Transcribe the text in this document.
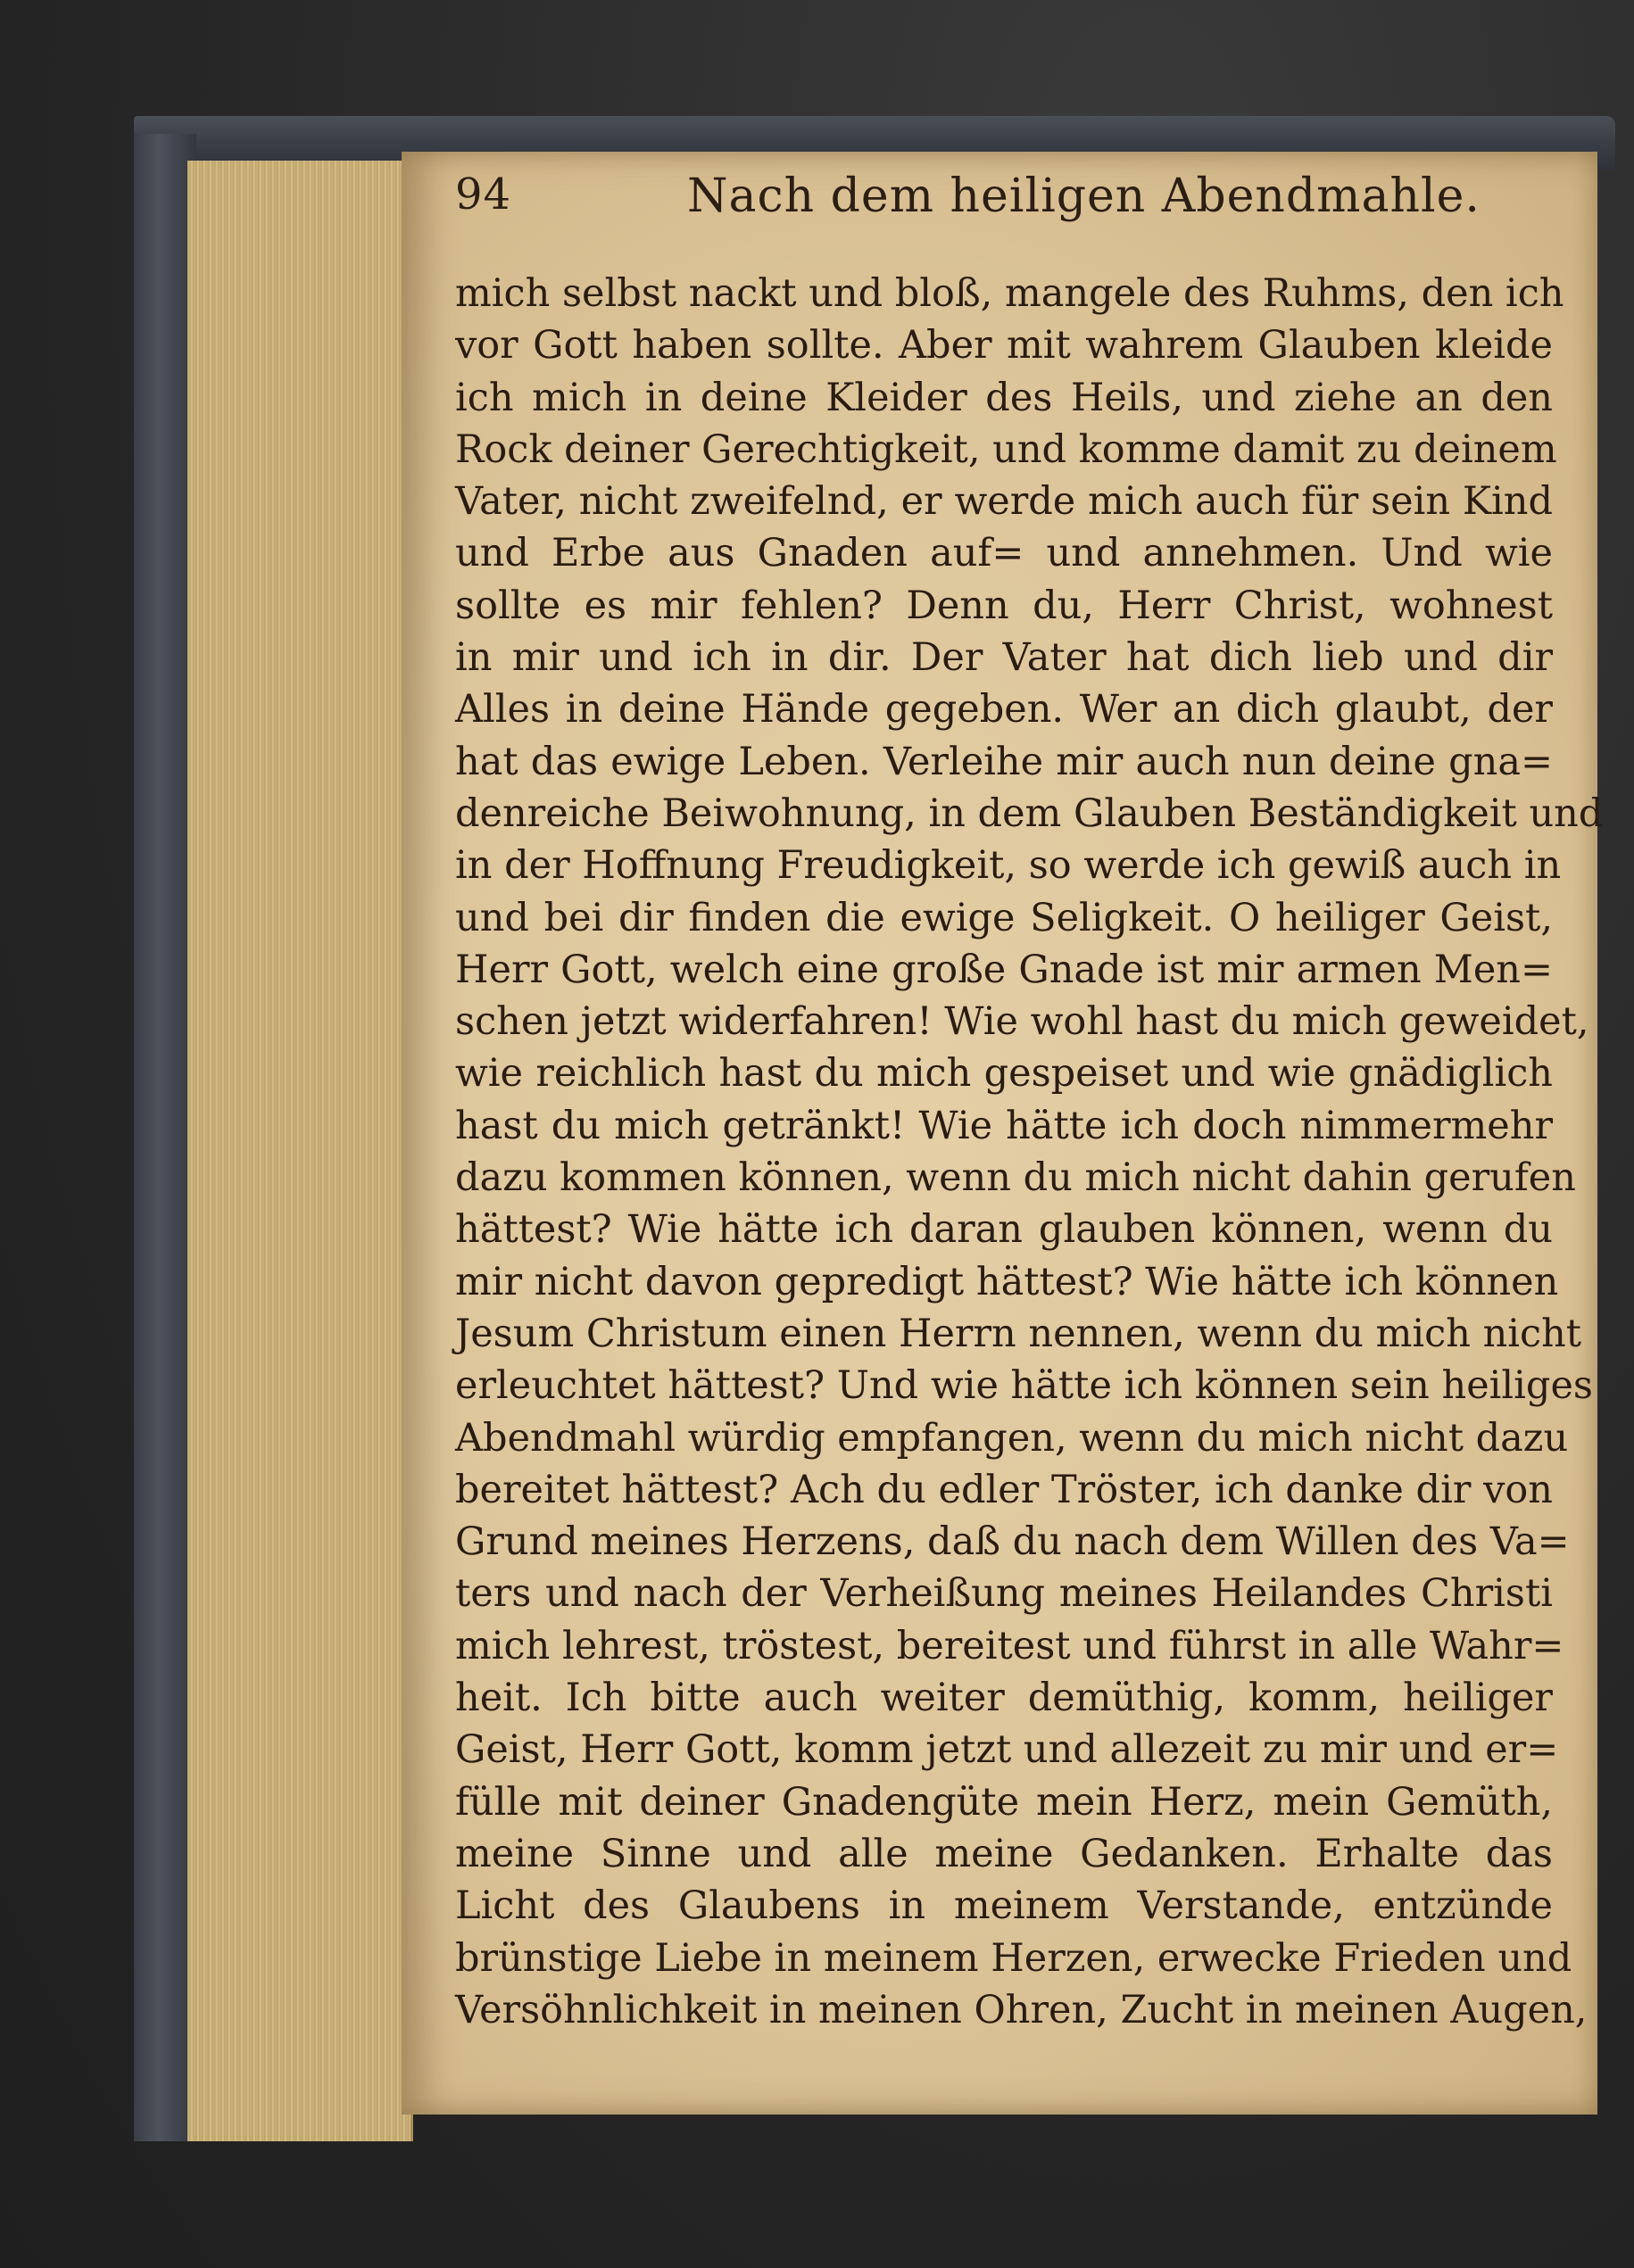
94	Nach dem heiligen Abendmahle.
mich selbst nackt und bloß, mangele des Ruhms, den ich
vor Gott haben sollte. Aber mit wahrem Glauben kleide
ich mich in deine Kleider des Heils, und ziehe an den
Rock deiner Gerechtigkeit, und komme damit zu deinem
Vater, nicht zweifelnd, er werde mich auch für sein Kind
und Erbe aus Gnaden auf= und annehmen. Und wie
sollte es mir fehlen? Denn du, Herr Christ, wohnest
in mir und ich in dir. Der Vater hat dich lieb und dir
Alles in deine Hände gegeben. Wer an dich glaubt, der
hat das ewige Leben. Verleihe mir auch nun deine gna=
denreiche Beiwohnung, in dem Glauben Beständigkeit und
in der Hoffnung Freudigkeit, so werde ich gewiß auch in
und bei dir finden die ewige Seligkeit. O heiliger Geist,
Herr Gott, welch eine große Gnade ist mir armen Men=
schen jetzt widerfahren! Wie wohl hast du mich geweidet,
wie reichlich hast du mich gespeiset und wie gnädiglich
hast du mich getränkt! Wie hätte ich doch nimmermehr
dazu kommen können, wenn du mich nicht dahin gerufen
hättest? Wie hätte ich daran glauben können, wenn du
mir nicht davon gepredigt hättest? Wie hätte ich können
Jesum Christum einen Herrn nennen, wenn du mich nicht
erleuchtet hättest? Und wie hätte ich können sein heiliges
Abendmahl würdig empfangen, wenn du mich nicht dazu
bereitet hättest? Ach du edler Tröster, ich danke dir von
Grund meines Herzens, daß du nach dem Willen des Va=
ters und nach der Verheißung meines Heilandes Christi
mich lehrest, tröstest, bereitest und führst in alle Wahr=
heit. Ich bitte auch weiter demüthig, komm, heiliger
Geist, Herr Gott, komm jetzt und allezeit zu mir und er=
fülle mit deiner Gnadengüte mein Herz, mein Gemüth,
meine Sinne und alle meine Gedanken. Erhalte das
Licht des Glaubens in meinem Verstande, entzünde
brünstige Liebe in meinem Herzen, erwecke Frieden und
Versöhnlichkeit in meinen Ohren, Zucht in meinen Augen,
